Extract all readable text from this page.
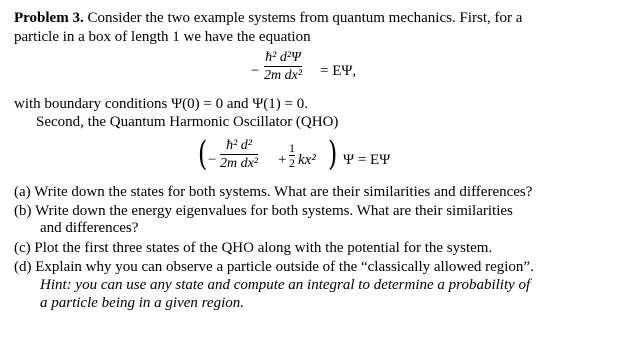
Problem 3. Consider the two example systems from quantum mechanics. First, for a
particle in a box of length 1 we have the equation
−
ħ² d²Ψ
2m dx² = EΨ,
with boundary conditions Ψ(0) = 0 and Ψ(1) = 0.
Second, the Quantum Harmonic Oscillator (QHO)
( −
ħ² d²
2m dx² +
1
2 kx² ) Ψ = EΨ
(a) Write down the states for both systems. What are their similarities and differences?
(b) Write down the energy eigenvalues for both systems. What are their similarities
and differences?
(c) Plot the first three states of the QHO along with the potential for the system.
(d) Explain why you can observe a particle outside of the “classically allowed region”.
Hint: you can use any state and compute an integral to determine a probability of
a particle being in a given region.
